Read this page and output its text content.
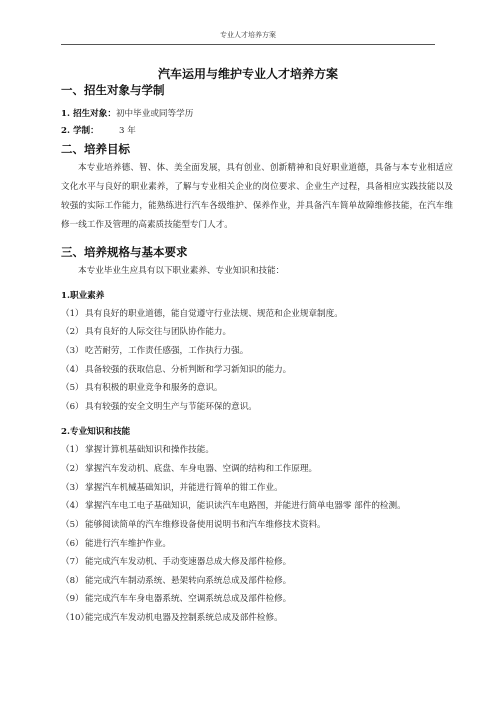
专业人才培养方案
汽车运用与维护专业人才培养方案
一、招生对象与学制
1. 招生对象：初中毕业或同等学历
2. 学制： 3 年
二、培养目标
本专业培养德、智、体、美全面发展，具有创业、创新精神和良好职业道德，具备与本专业相适应文化水平与良好的职业素养，了解与专业相关企业的岗位要求、企业生产过程，具备相应实践技能以及较强的实际工作能力，能熟练进行汽车各级维护、保养作业，并具备汽车简单故障维修技能，在汽车维修一线工作及管理的高素质技能型专门人才。
三、培养规格与基本要求
本专业毕业生应具有以下职业素养、专业知识和技能：
1.职业素养
（1）具有良好的职业道德，能自觉遵守行业法规、规范和企业规章制度。
（2）具有良好的人际交往与团队协作能力。
（3）吃苦耐劳，工作责任感强，工作执行力强。
（4）具备较强的获取信息、分析判断和学习新知识的能力。
（5）具有积极的职业竞争和服务的意识。
（6）具有较强的安全文明生产与节能环保的意识。
2.专业知识和技能
（1）掌握计算机基础知识和操作技能。
（2）掌握汽车发动机、底盘、车身电器、空调的结构和工作原理。
（3）掌握汽车机械基础知识，并能进行简单的钳工作业。
（4）掌握汽车电工电子基础知识，能识读汽车电路图，并能进行简单电器零 部件的检测。
（5）能够阅读简单的汽车维修设备使用说明书和汽车维修技术资料。
（6）能进行汽车维护作业。
（7）能完成汽车发动机、手动变速器总成大修及部件检修。
（8）能完成汽车制动系统、悬架转向系统总成及部件检修。
（9）能完成汽车车身电器系统、空调系统总成及部件检修。
（10）能完成汽车发动机电器及控制系统总成及部件检修。
